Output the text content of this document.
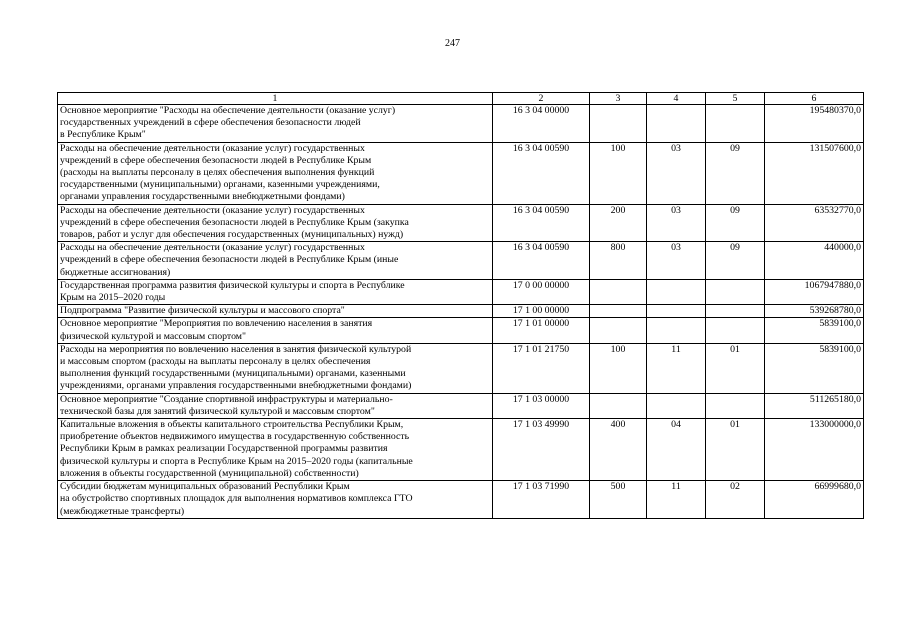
247
1	2	3	4	5	6

Основное мероприятие "Расходы на обеспечение деятельности (оказание услуг)
государственных учреждений в сфере обеспечения безопасности людей
в Республике Крым"	16 3 04 00000				195480370,0

Расходы на обеспечение деятельности (оказание услуг) государственных
учреждений в сфере обеспечения безопасности людей в Республике Крым
(расходы на выплаты персоналу в целях обеспечения выполнения функций
государственными (муниципальными) органами, казенными учреждениями,
органами управления государственными внебюджетными фондами)	16 3 04 00590	100	03	09	131507600,0

Расходы на обеспечение деятельности (оказание услуг) государственных
учреждений в сфере обеспечения безопасности людей в Республике Крым (закупка
товаров, работ и услуг для обеспечения государственных (муниципальных) нужд)	16 3 04 00590	200	03	09	63532770,0

Расходы на обеспечение деятельности (оказание услуг) государственных
учреждений в сфере обеспечения безопасности людей в Республике Крым (иные
бюджетные ассигнования)	16 3 04 00590	800	03	09	440000,0

Государственная программа развития физической культуры и спорта в Республике
Крым на 2015–2020 годы	17 0 00 00000				1067947880,0

Подпрограмма "Развитие физической культуры и массового спорта"	17 1 00 00000				539268780,0

Основное мероприятие "Мероприятия по вовлечению населения в занятия
физической культурой и массовым спортом"	17 1 01 00000				5839100,0

Расходы на мероприятия по вовлечению населения в занятия физической культурой
и массовым спортом (расходы на выплаты персоналу в целях обеспечения
выполнения функций государственными (муниципальными) органами, казенными
учреждениями, органами управления государственными внебюджетными фондами)	17 1 01 21750	100	11	01	5839100,0

Основное мероприятие "Создание спортивной инфраструктуры и материально-
технической базы для занятий физической культурой и массовым спортом"	17 1 03 00000				511265180,0

Капитальные вложения в объекты капитального строительства Республики Крым,
приобретение объектов недвижимого имущества в государственную собственность
Республики Крым в рамках реализации Государственной программы развития
физической культуры и спорта в Республике Крым на 2015–2020 годы (капитальные
вложения в объекты государственной (муниципальной) собственности)	17 1 03 49990	400	04	01	133000000,0

Субсидии бюджетам муниципальных образований Республики Крым
на обустройство спортивных площадок для выполнения нормативов комплекса ГТО
(межбюджетные трансферты)	17 1 03 71990	500	11	02	66999680,0
